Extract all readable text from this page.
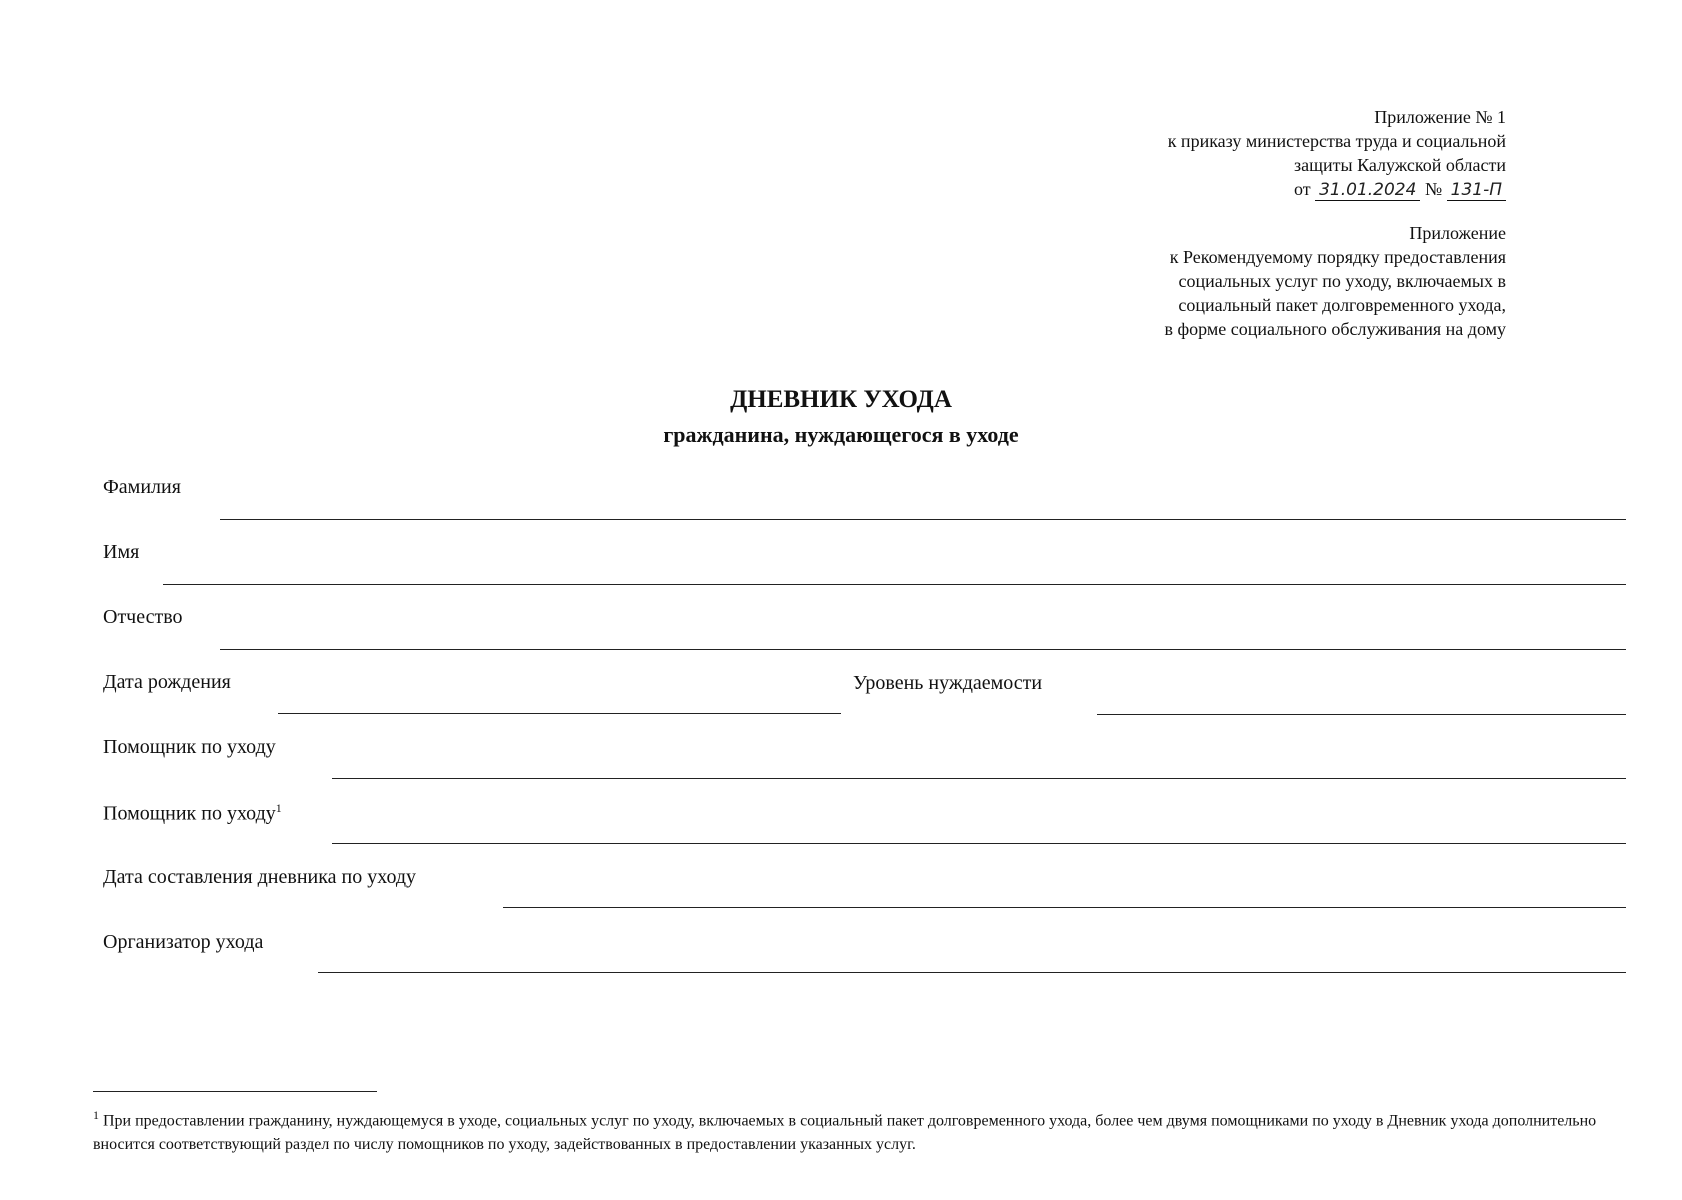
Приложение № 1
к приказу министерства труда и социальной
защиты Калужской области
от 31.01.2024 № 131-П
Приложение
к Рекомендуемому порядку предоставления
социальных услуг по уходу, включаемых в
социальный пакет долговременного ухода,
в форме социального обслуживания на дому
ДНЕВНИК УХОДА
гражданина, нуждающегося в уходе
Фамилия
Имя
Отчество
Дата рождения	Уровень нуждаемости
Помощник по уходу
Помощник по уходу$^1$
Дата составления дневника по уходу
Организатор ухода
$^1$ При предоставлении гражданину, нуждающемуся в уходе, социальных услуг по уходу, включаемых в социальный пакет долговременного ухода, более чем двумя помощниками по уходу в Дневник ухода дополнительно вносится соответствующий раздел по числу помощников по уходу, задействованных в предоставлении указанных услуг.
